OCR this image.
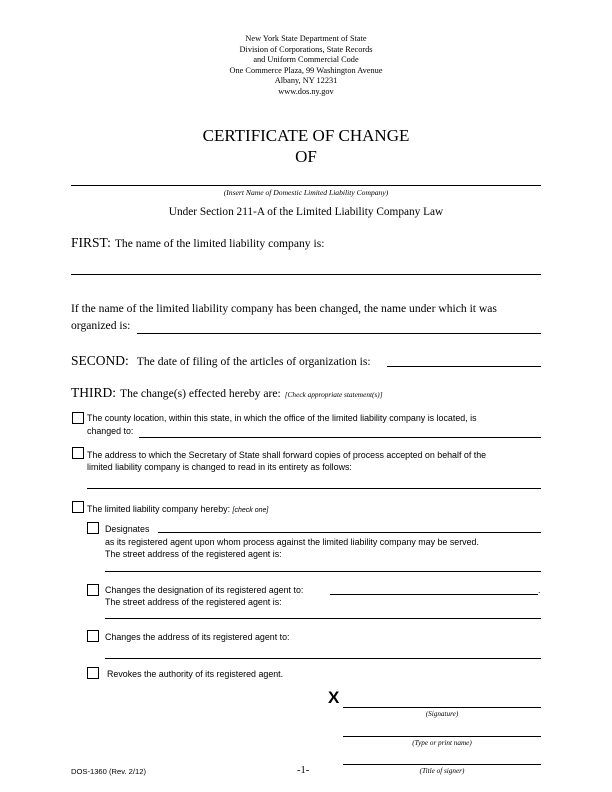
New York State Department of State
Division of Corporations, State Records
and Uniform Commercial Code
One Commerce Plaza, 99 Washington Avenue
Albany, NY 12231
www.dos.ny.gov
CERTIFICATE OF CHANGE
OF
(Insert Name of Domestic Limited Liability Company)
Under Section 211-A of the Limited Liability Company Law
FIRST: The name of the limited liability company is:
If the name of the limited liability company has been changed, the name under which it was
organized is:
SECOND: The date of filing of the articles of organization is:
THIRD: The change(s) effected hereby are: [Check appropriate statement(s)]
The county location, within this state, in which the office of the limited liability company is located, is
changed to:
The address to which the Secretary of State shall forward copies of process accepted on behalf of the
limited liability company is changed to read in its entirety as follows:
The limited liability company hereby: [check one]
Designates
as its registered agent upon whom process against the limited liability company may be served.
The street address of the registered agent is:
Changes the designation of its registered agent to:	.
The street address of the registered agent is:
Changes the address of its registered agent to:
Revokes the authority of its registered agent.
X
(Signature)
(Type or print name)
(Title of signer)
DOS-1360 (Rev. 2/12)	-1-
